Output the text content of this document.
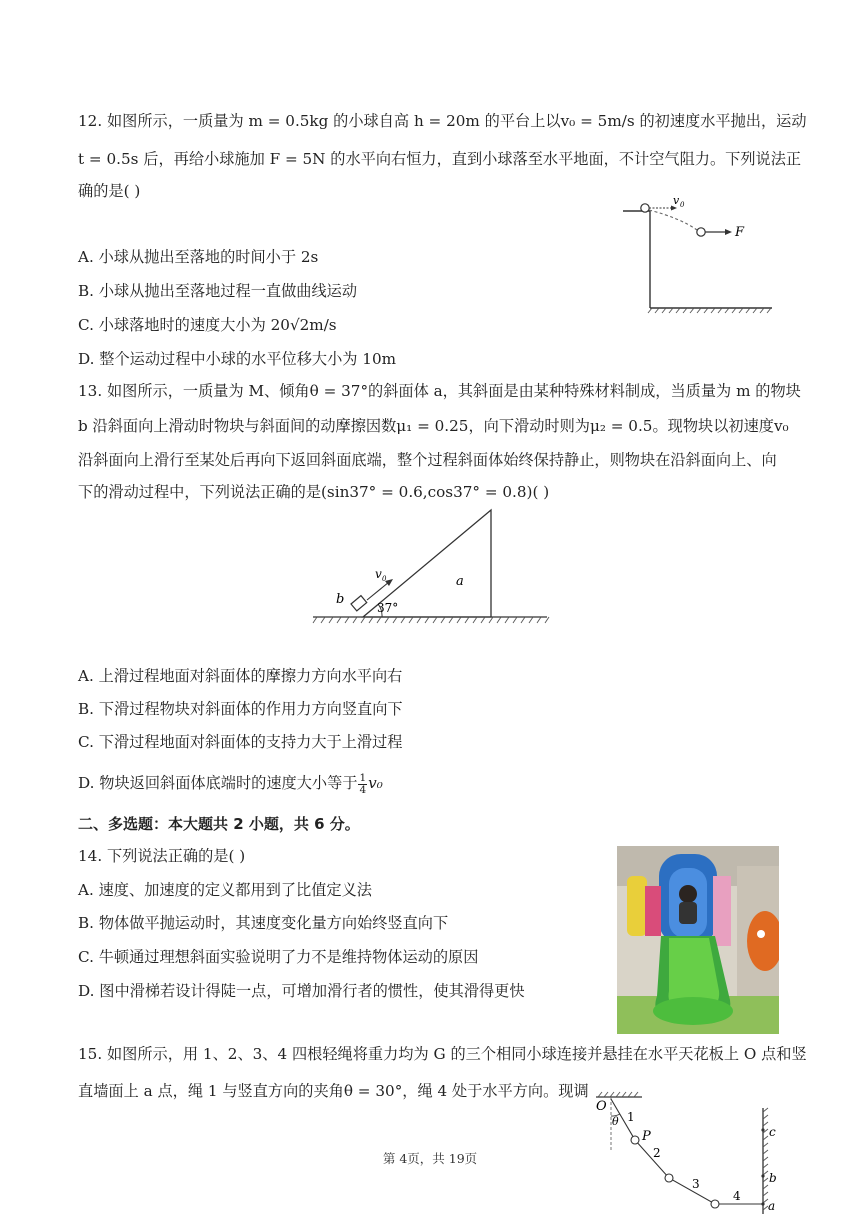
12. 如图所示，一质量为 m = 0.5kg 的小球自高 h = 20m 的平台上以v₀ = 5m/s 的初速度水平抛出，运动
t = 0.5s 后，再给小球施加 F = 5N 的水平向右恒力，直到小球落至水平地面，不计空气阻力。下列说法正
确的是( )
v 0
F
A. 小球从抛出至落地的时间小于 2s
B. 小球从抛出至落地过程一直做曲线运动
C. 小球落地时的速度大小为 20√2m/s
D. 整个运动过程中小球的水平位移大小为 10m
13. 如图所示，一质量为 M、倾角θ = 37°的斜面体 a，其斜面是由某种特殊材料制成，当质量为 m 的物块
b 沿斜面向上滑动时物块与斜面间的动摩擦因数μ₁ = 0.25，向下滑动时则为μ₂ = 0.5。现物块以初速度v₀
沿斜面向上滑行至某处后再向下返回斜面底端，整个过程斜面体始终保持静止，则物块在沿斜面向上、向
下的滑动过程中，下列说法正确的是(sin37° = 0.6,cos37° = 0.8)( )
v 0
37°
b
a
A. 上滑过程地面对斜面体的摩擦力方向水平向右
B. 下滑过程物块对斜面体的作用力方向竖直向下
C. 下滑过程地面对斜面体的支持力大于上滑过程
D. 物块返回斜面体底端时的速度大小等于 $\frac{1}{4} v_0$
二、多选题：本大题共 2 小题，共 6 分。
14. 下列说法正确的是( )
A. 速度、加速度的定义都用到了比值定义法
B. 物体做平抛运动时，其速度变化量方向始终竖直向下
C. 牛顿通过理想斜面实验说明了力不是维持物体运动的原因
D. 图中滑梯若设计得陡一点，可增加滑行者的惯性，使其滑得更快
15. 如图所示，用 1、2、3、4 四根轻绳将重力均为 G 的三个相同小球连接并悬挂在水平天花板上 O 点和竖
直墙面上 a 点，绳 1 与竖直方向的夹角θ = 30°，绳 4 处于水平方向。现调
O
θ 1
P
2
3
4
a
b
c
第 4页，共 19页
